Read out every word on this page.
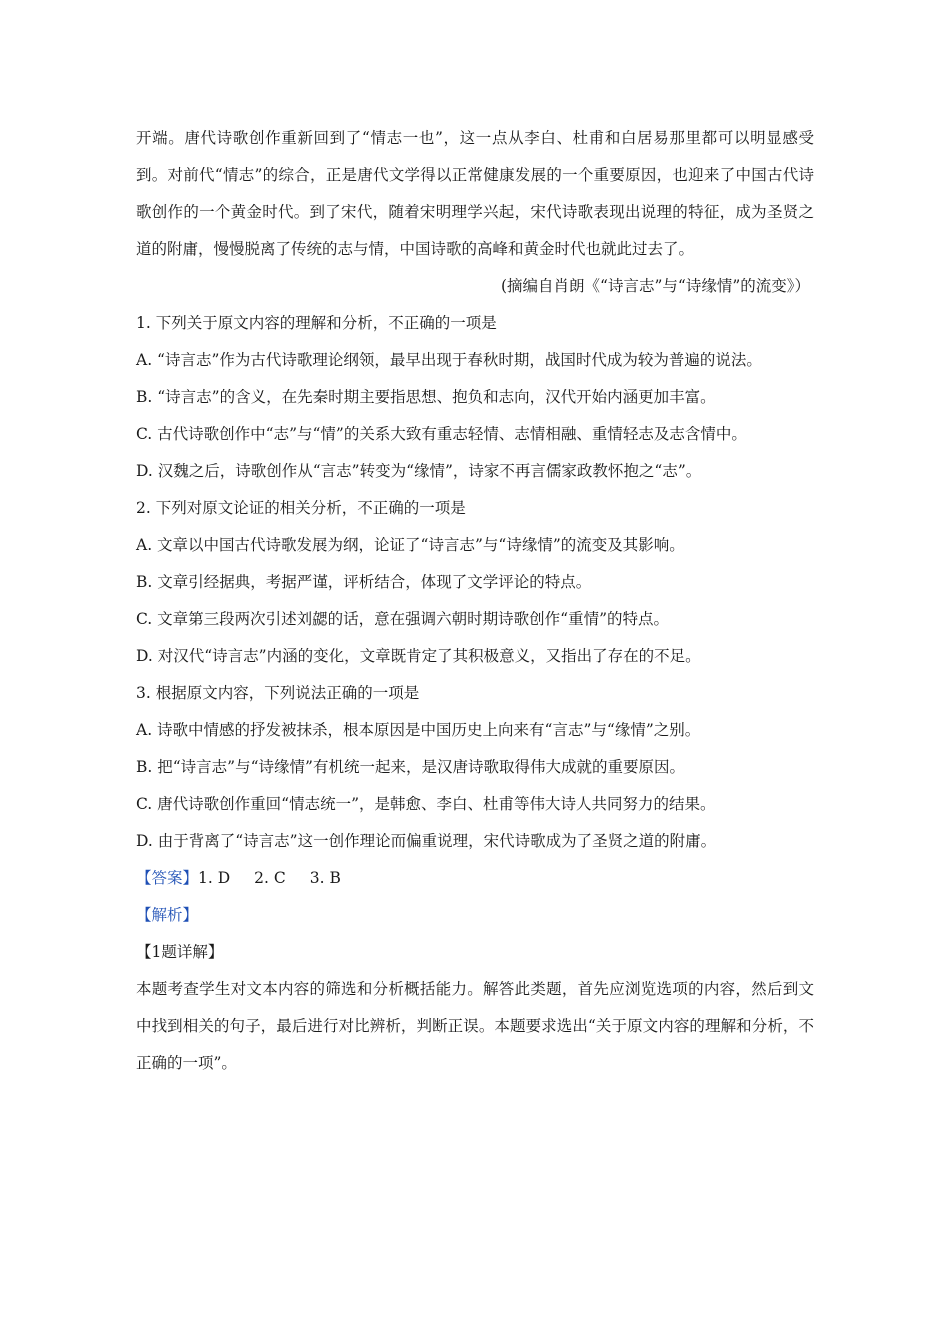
开端。唐代诗歌创作重新回到了“情志一也”，这一点从李白、杜甫和白居易那里都可以明显感受到。对前代“情志”的综合，正是唐代文学得以正常健康发展的一个重要原因，也迎来了中国古代诗歌创作的一个黄金时代。到了宋代，随着宋明理学兴起，宋代诗歌表现出说理的特征，成为圣贤之道的附庸，慢慢脱离了传统的志与情，中国诗歌的高峰和黄金时代也就此过去了。

(摘编自肖朗《“诗言志”与“诗缘情”的流变》）

1. 下列关于原文内容的理解和分析，不正确的一项是

A. “诗言志”作为古代诗歌理论纲领，最早出现于春秋时期，战国时代成为较为普遍的说法。

B. “诗言志”的含义，在先秦时期主要指思想、抱负和志向，汉代开始内涵更加丰富。

C. 古代诗歌创作中“志”与“情”的关系大致有重志轻情、志情相融、重情轻志及志含情中。

D. 汉魏之后，诗歌创作从“言志”转变为“缘情”，诗家不再言儒家政教怀抱之“志”。

2. 下列对原文论证的相关分析，不正确的一项是

A. 文章以中国古代诗歌发展为纲，论证了“诗言志”与“诗缘情”的流变及其影响。

B. 文章引经据典，考据严谨，评析结合，体现了文学评论的特点。

C. 文章第三段两次引述刘勰的话，意在强调六朝时期诗歌创作“重情”的特点。

D. 对汉代“诗言志”内涵的变化，文章既肯定了其积极意义，又指出了存在的不足。

3. 根据原文内容，下列说法正确的一项是

A. 诗歌中情感的抒发被抹杀，根本原因是中国历史上向来有“言志”与“缘情”之别。

B. 把“诗言志”与“诗缘情”有机统一起来，是汉唐诗歌取得伟大成就的重要原因。

C. 唐代诗歌创作重回“情志统一”，是韩愈、李白、杜甫等伟大诗人共同努力的结果。

D. 由于背离了“诗言志”这一创作理论而偏重说理，宋代诗歌成为了圣贤之道的附庸。

【答案】1. D 2. C 3. B

【解析】

【1题详解】

本题考查学生对文本内容的筛选和分析概括能力。解答此类题，首先应浏览选项的内容，然后到文中找到相关的句子，最后进行对比辨析，判断正误。本题要求选出“关于原文内容的理解和分析，不正确的一项”。
